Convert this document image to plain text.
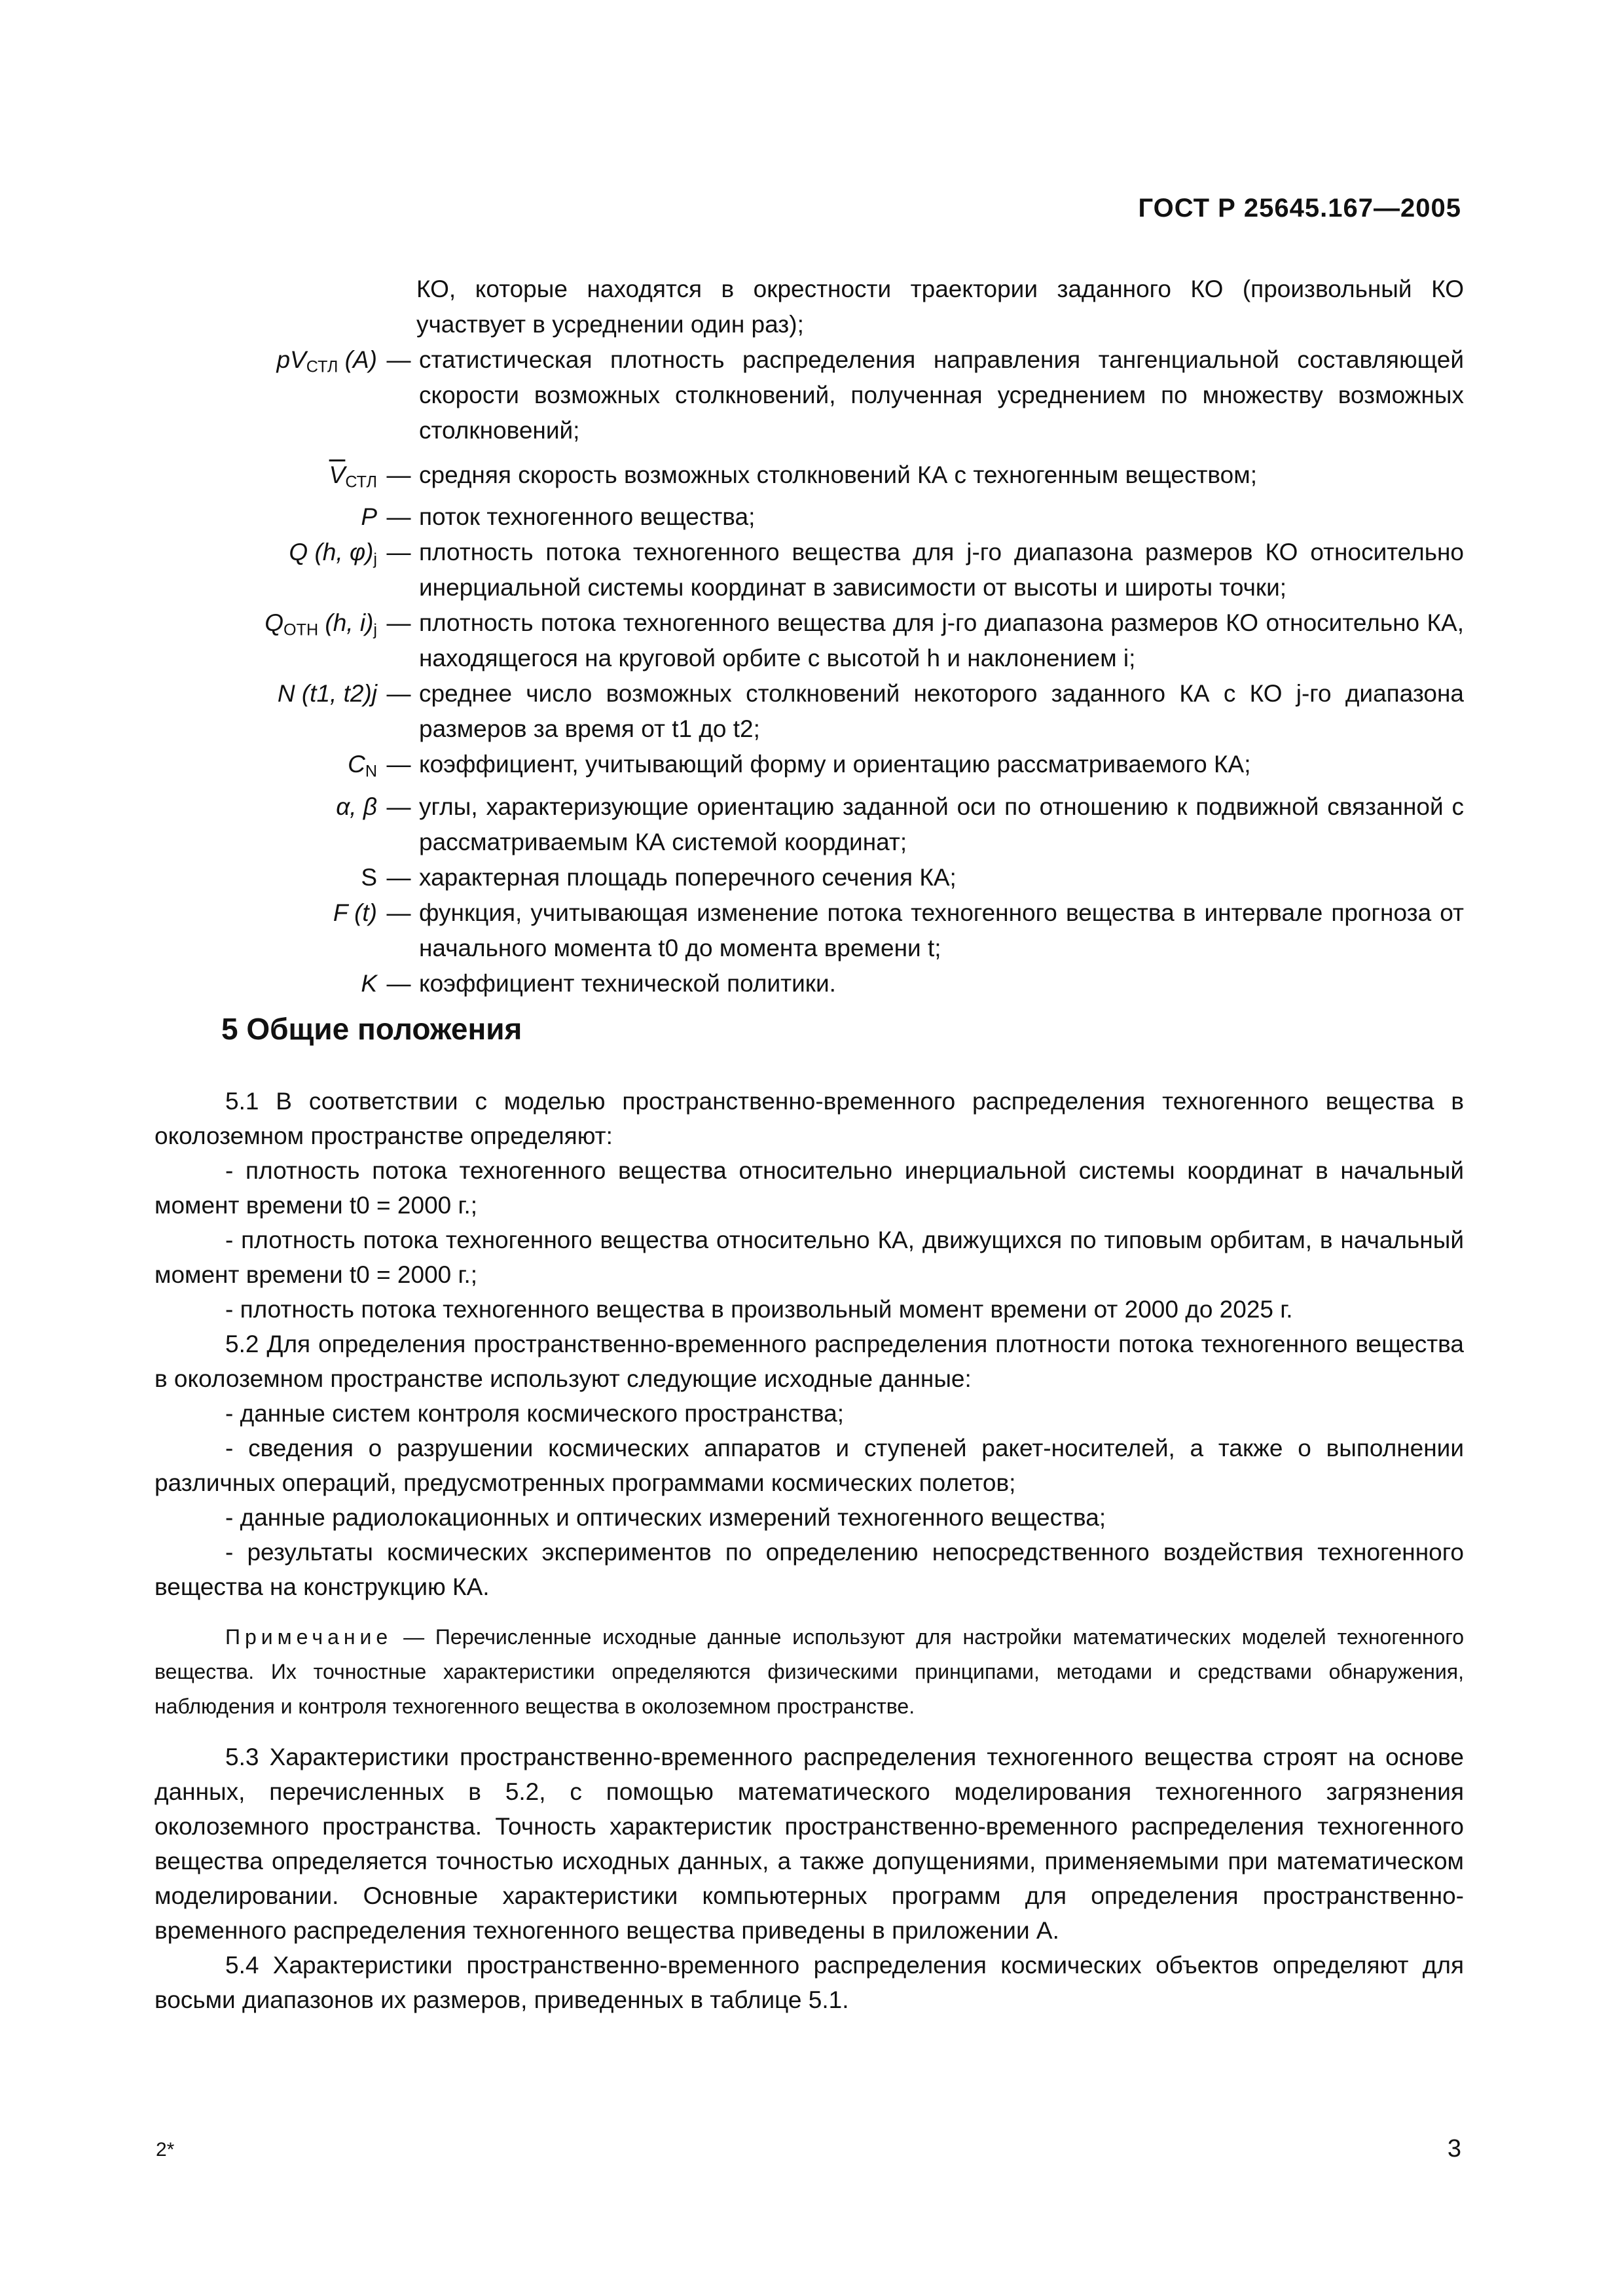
ГОСТ Р 25645.167—2005
КО, которые находятся в окрестности траектории заданного КО (произвольный КО участвует в усреднении один раз);
$pV_{СТЛ}$ (A) — статистическая плотность распределения направления тангенциальной составляющей скорости возможных столкновений, полученная усреднением по множеству возможных столкновений;
$\overline{V}_{СТЛ}$ — средняя скорость возможных столкновений КА с техногенным веществом;
P — поток техногенного вещества;
Q (h, $\varphi)_j$ — плотность потока техногенного вещества для j-го диапазона размеров КО относительно инерциальной системы координат в зависимости от высоты и широты точки;
$Q_{ОТН}$ (h, $i)_j$ — плотность потока техногенного вещества для j-го диапазона размеров КО относительно КА, находящегося на круговой орбите с высотой h и наклонением i;
N (t1, t2)j — среднее число возможных столкновений некоторого заданного КА с КО j-го диапазона размеров за время от t1 до t2;
$C_N$ — коэффициент, учитывающий форму и ориентацию рассматриваемого КА;
α, β — углы, характеризующие ориентацию заданной оси по отношению к подвижной связанной с рассматриваемым КА системой координат;
S — характерная площадь поперечного сечения КА;
F (t) — функция, учитывающая изменение потока техногенного вещества в интервале прогноза от начального момента t0 до момента времени t;
K — коэффициент технической политики.
5 Общие положения

5.1 В соответствии с моделью пространственно-временного распределения техногенного вещества в околоземном пространстве определяют:

- плотность потока техногенного вещества относительно инерциальной системы координат в начальный момент времени t0 = 2000 г.;

- плотность потока техногенного вещества относительно КА, движущихся по типовым орбитам, в начальный момент времени t0 = 2000 г.;

- плотность потока техногенного вещества в произвольный момент времени от 2000 до 2025 г.

5.2 Для определения пространственно-временного распределения плотности потока техногенного вещества в околоземном пространстве используют следующие исходные данные:

- данные систем контроля космического пространства;

- сведения о разрушении космических аппаратов и ступеней ракет-носителей, а также о выполнении различных операций, предусмотренных программами космических полетов;

- данные радиолокационных и оптических измерений техногенного вещества;

- результаты космических экспериментов по определению непосредственного воздействия техногенного вещества на конструкцию КА.

Примечание — Перечисленные исходные данные используют для настройки математических моделей техногенного вещества. Их точностные характеристики определяются физическими принципами, методами и средствами обнаружения, наблюдения и контроля техногенного вещества в околоземном пространстве.

5.3 Характеристики пространственно-временного распределения техногенного вещества строят на основе данных, перечисленных в 5.2, с помощью математического моделирования техногенного загрязнения околоземного пространства. Точность характеристик пространственно-временного распределения техногенного вещества определяется точностью исходных данных, а также допущениями, применяемыми при математическом моделировании. Основные характеристики компьютерных программ для определения пространственно-временного распределения техногенного вещества приведены в приложении А.

5.4 Характеристики пространственно-временного распределения космических объектов определяют для восьми диапазонов их размеров, приведенных в таблице 5.1.

2*	3
